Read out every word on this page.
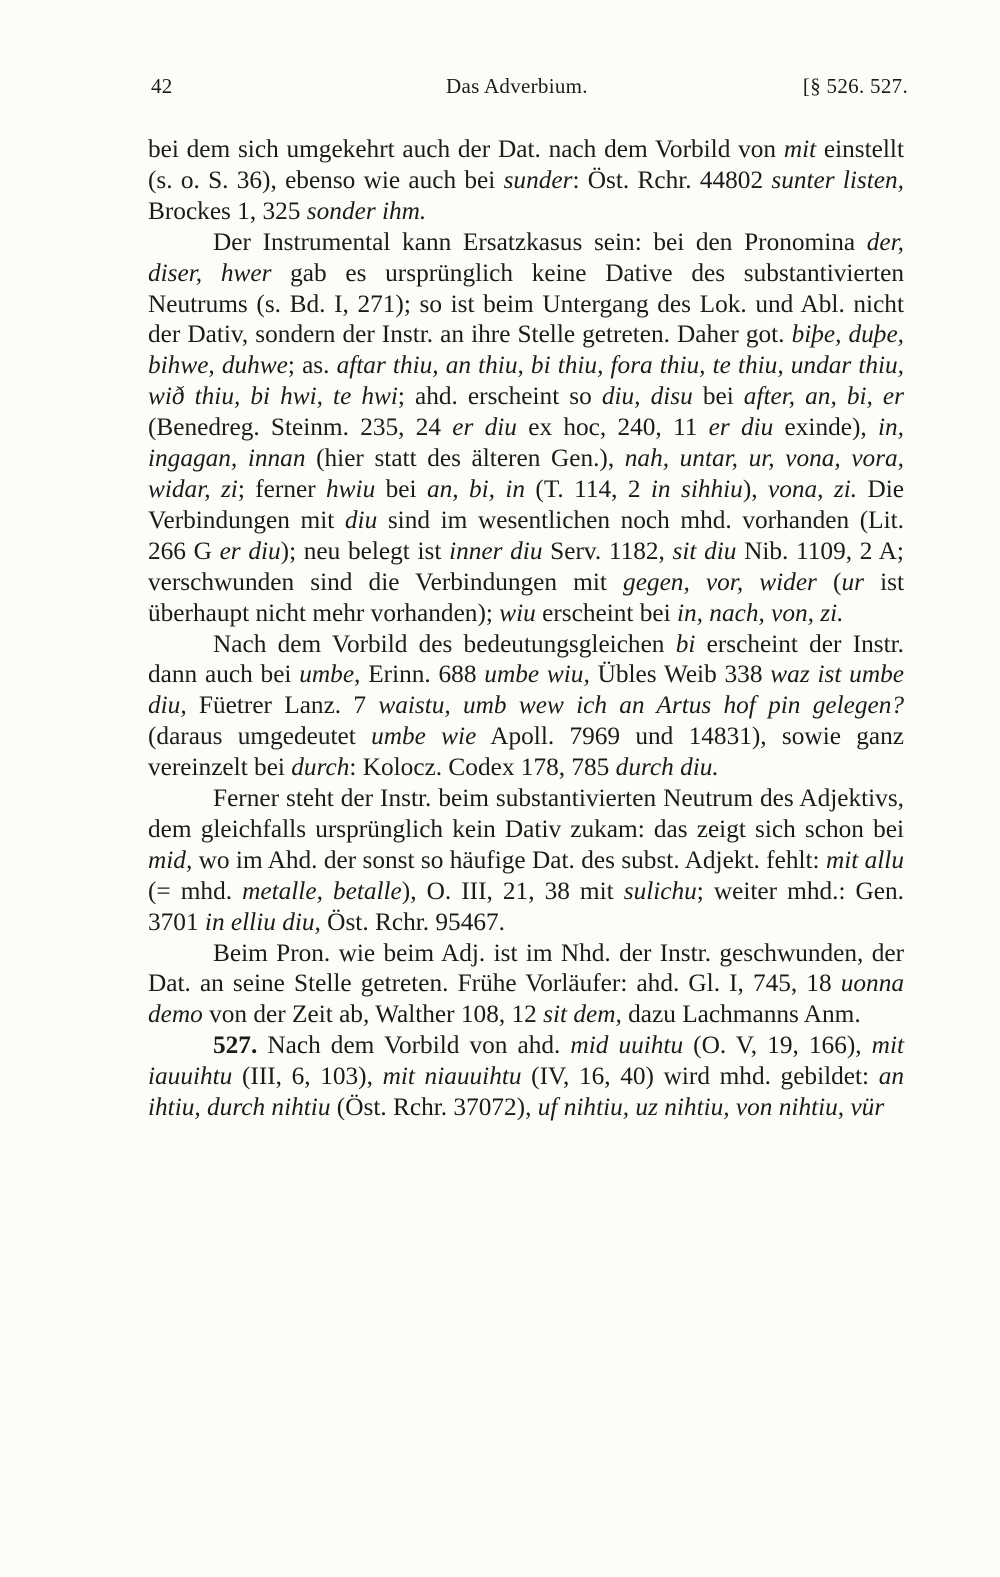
42	Das Adverbium.	[§ 526. 527.

bei dem sich umgekehrt auch der Dat. nach dem Vorbild von mit einstellt (s. o. S. 36), ebenso wie auch bei sunder: Öst. Rchr. 44802 sunter listen, Brockes 1, 325 sonder ihm.

Der Instrumental kann Ersatzkasus sein: bei den Pronomina der, diser, hwer gab es ursprünglich keine Dative des substantivierten Neutrums (s. Bd. I, 271); so ist beim Untergang des Lok. und Abl. nicht der Dativ, sondern der Instr. an ihre Stelle getreten. Daher got. biþe, duþe, bihwe, duhwe; as. aftar thiu, an thiu, bi thiu, fora thiu, te thiu, undar thiu, wið thiu, bi hwi, te hwi; ahd. erscheint so diu, disu bei after, an, bi, er (Benedreg. Steinm. 235, 24 er diu ex hoc, 240, 11 er diu exinde), in, ingagan, innan (hier statt des älteren Gen.), nah, untar, ur, vona, vora, widar, zi; ferner hwiu bei an, bi, in (T. 114, 2 in sihhiu), vona, zi. Die Verbindungen mit diu sind im wesentlichen noch mhd. vorhanden (Lit. 266 G er diu); neu belegt ist inner diu Serv. 1182, sit diu Nib. 1109, 2 A; verschwunden sind die Verbindungen mit gegen, vor, wider (ur ist überhaupt nicht mehr vorhanden); wiu erscheint bei in, nach, von, zi.

Nach dem Vorbild des bedeutungsgleichen bi erscheint der Instr. dann auch bei umbe, Erinn. 688 umbe wiu, Übles Weib 338 waz ist umbe diu, Füetrer Lanz. 7 waistu, umb wew ich an Artus hof pin gelegen? (daraus umgedeutet umbe wie Apoll. 7969 und 14831), sowie ganz vereinzelt bei durch: Kolocz. Codex 178, 785 durch diu.

Ferner steht der Instr. beim substantivierten Neutrum des Adjektivs, dem gleichfalls ursprünglich kein Dativ zukam: das zeigt sich schon bei mid, wo im Ahd. der sonst so häufige Dat. des subst. Adjekt. fehlt: mit allu (= mhd. metalle, betalle), O. III, 21, 38 mit sulichu; weiter mhd.: Gen. 3701 in elliu diu, Öst. Rchr. 95467.

Beim Pron. wie beim Adj. ist im Nhd. der Instr. geschwunden, der Dat. an seine Stelle getreten. Frühe Vorläufer: ahd. Gl. I, 745, 18 uonna demo von der Zeit ab, Walther 108, 12 sit dem, dazu Lachmanns Anm.

527. Nach dem Vorbild von ahd. mid uuihtu (O. V, 19, 166), mit iauuihtu (III, 6, 103), mit niauuihtu (IV, 16, 40) wird mhd. gebildet: an ihtiu, durch nihtiu (Öst. Rchr. 37072), uf nihtiu, uz nihtiu, von nihtiu, vür
